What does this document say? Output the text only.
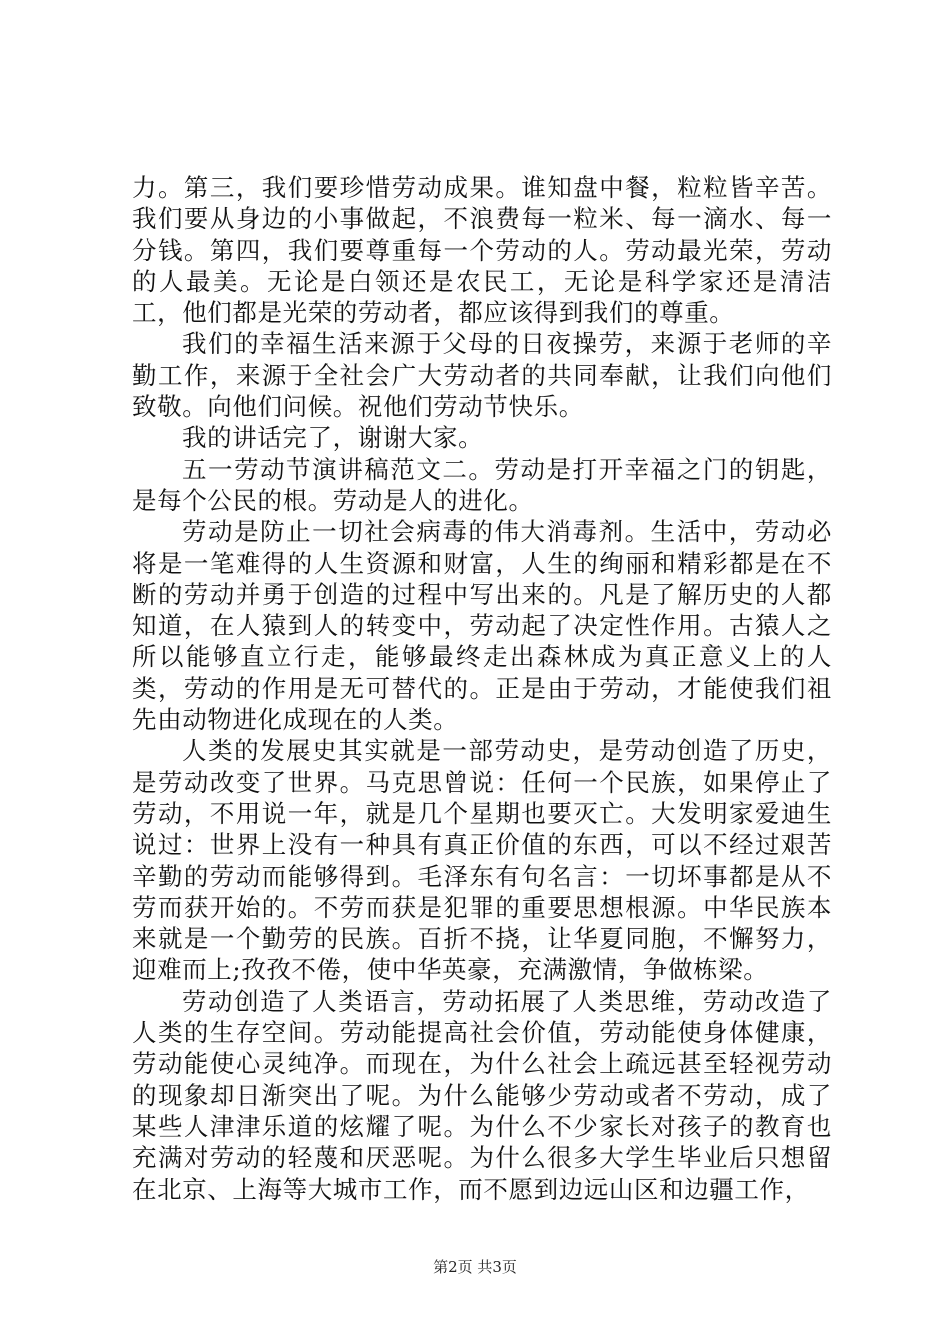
力。第三，我们要珍惜劳动成果。谁知盘中餐，粒粒皆辛苦。我们要从身边的小事做起，不浪费每一粒米、每一滴水、每一分钱。第四，我们要尊重每一个劳动的人。劳动最光荣，劳动的人最美。无论是白领还是农民工，无论是科学家还是清洁工，他们都是光荣的劳动者，都应该得到我们的尊重。

我们的幸福生活来源于父母的日夜操劳，来源于老师的辛勤工作，来源于全社会广大劳动者的共同奉献，让我们向他们致敬。向他们问候。祝他们劳动节快乐。

我的讲话完了，谢谢大家。

五一劳动节演讲稿范文二。劳动是打开幸福之门的钥匙，是每个公民的根。劳动是人的进化。

劳动是防止一切社会病毒的伟大消毒剂。生活中，劳动必将是一笔难得的人生资源和财富，人生的绚丽和精彩都是在不断的劳动并勇于创造的过程中写出来的。凡是了解历史的人都知道，在人猿到人的转变中，劳动起了决定性作用。古猿人之所以能够直立行走，能够最终走出森林成为真正意义上的人类，劳动的作用是无可替代的。正是由于劳动，才能使我们祖先由动物进化成现在的人类。

人类的发展史其实就是一部劳动史，是劳动创造了历史，是劳动改变了世界。马克思曾说：任何一个民族，如果停止了劳动，不用说一年，就是几个星期也要灭亡。大发明家爱迪生说过：世界上没有一种具有真正价值的东西，可以不经过艰苦辛勤的劳动而能够得到。毛泽东有句名言：一切坏事都是从不劳而获开始的。不劳而获是犯罪的重要思想根源。中华民族本来就是一个勤劳的民族。百折不挠，让华夏同胞，不懈努力，迎难而上;孜孜不倦，使中华英豪，充满激情，争做栋梁。

劳动创造了人类语言，劳动拓展了人类思维，劳动改造了人类的生存空间。劳动能提高社会价值，劳动能使身体健康，劳动能使心灵纯净。而现在，为什么社会上疏远甚至轻视劳动的现象却日渐突出了呢。为什么能够少劳动或者不劳动，成了某些人津津乐道的炫耀了呢。为什么不少家长对孩子的教育也充满对劳动的轻蔑和厌恶呢。为什么很多大学生毕业后只想留在北京、上海等大城市工作，而不愿到边远山区和边疆工作，

第2页 共3页
